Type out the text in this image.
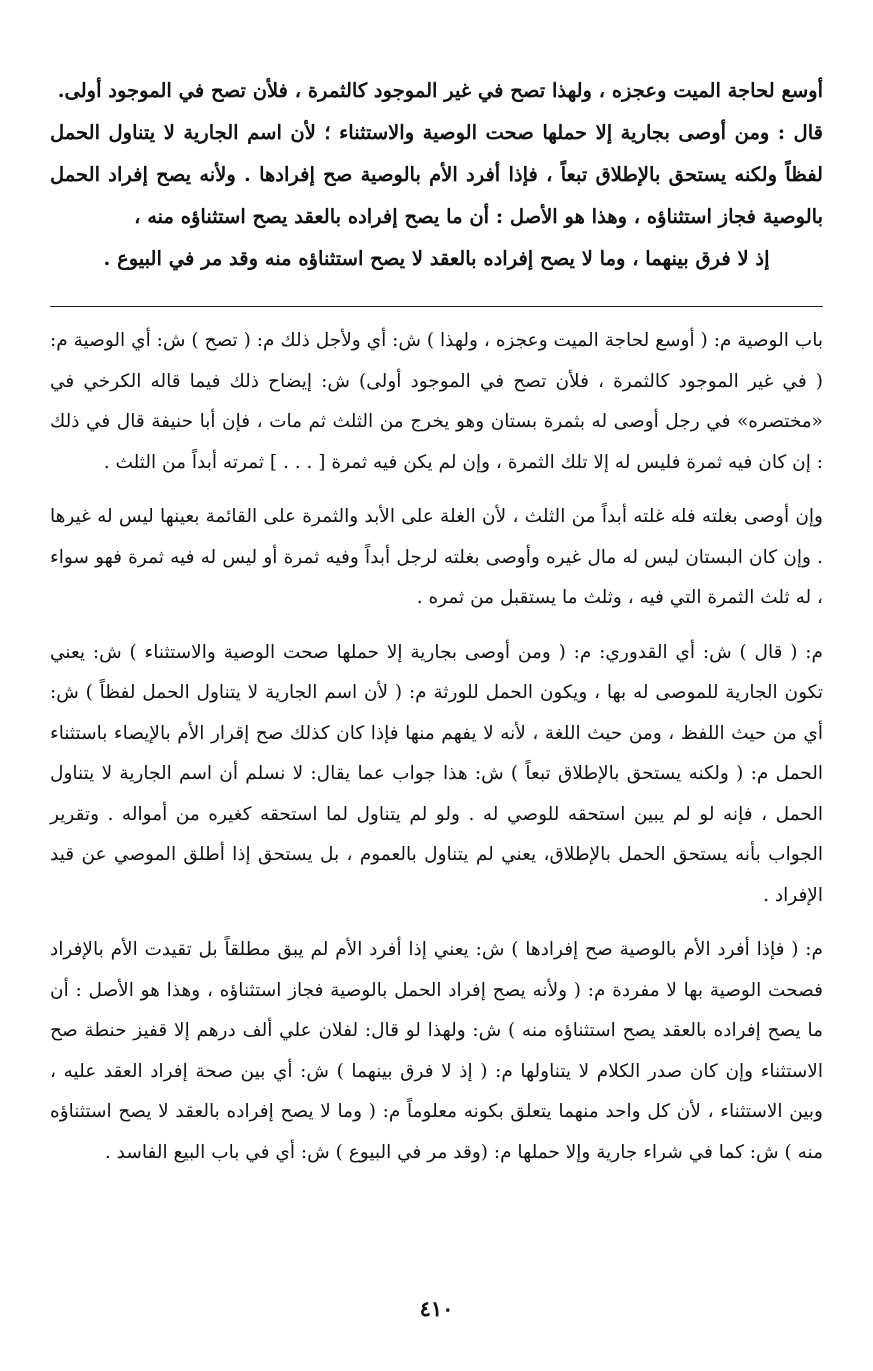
أوسع لحاجة الميت وعجزه ، ولهذا تصح في غير الموجود كالثمرة ، فلأن تصح في الموجود أولى.

قال : ومن أوصى بجارية إلا حملها صحت الوصية والاستثناء ؛ لأن اسم الجارية لا يتناول الحمل لفظاً ولكنه يستحق بالإطلاق تبعاً ، فإذا أفرد الأم بالوصية صح إفرادها . ولأنه يصح إفراد الحمل بالوصية فجاز استثناؤه ، وهذا هو الأصل : أن ما يصح إفراده بالعقد يصح استثناؤه منه ،

إذ لا فرق بينهما ، وما لا يصح إفراده بالعقد لا يصح استثناؤه منه وقد مر في البيوع .

باب الوصية م: ( أوسع لحاجة الميت وعجزه ، ولهذا ) ش: أي ولأجل ذلك م: ( تصح ) ش: أي الوصية م: ( في غير الموجود كالثمرة ، فلأن تصح في الموجود أولى) ش: إيضاح ذلك فيما قاله الكرخي في «مختصره» في رجل أوصى له بثمرة بستان وهو يخرج من الثلث ثم مات ، فإن أبا حنيفة قال في ذلك : إن كان فيه ثمرة فليس له إلا تلك الثمرة ، وإن لم يكن فيه ثمرة [ . . . ] ثمرته أبداً من الثلث .

وإن أوصى بغلته فله غلته أبداً من الثلث ، لأن الغلة على الأبد والثمرة على القائمة بعينها ليس له غيرها . وإن كان البستان ليس له مال غيره وأوصى بغلته لرجل أبداً وفيه ثمرة أو ليس له فيه ثمرة فهو سواء ، له ثلث الثمرة التي فيه ، وثلث ما يستقبل من ثمره .

م: ( قال ) ش: أي القدوري: م: ( ومن أوصى بجارية إلا حملها صحت الوصية والاستثناء ) ش: يعني تكون الجارية للموصى له بها ، ويكون الحمل للورثة م: ( لأن اسم الجارية لا يتناول الحمل لفظاً ) ش: أي من حيث اللفظ ، ومن حيث اللغة ، لأنه لا يفهم منها فإذا كان كذلك صح إقرار الأم بالإيصاء باستثناء الحمل م: ( ولكنه يستحق بالإطلاق تبعاً ) ش: هذا جواب عما يقال: لا نسلم أن اسم الجارية لا يتناول الحمل ، فإنه لو لم يبين استحقه للوصي له . ولو لم يتناول لما استحقه كغيره من أمواله . وتقرير الجواب بأنه يستحق الحمل بالإطلاق، يعني لم يتناول بالعموم ، بل يستحق إذا أطلق الموصي عن قيد الإفراد .

م: ( فإذا أفرد الأم بالوصية صح إفرادها ) ش: يعني إذا أفرد الأم لم يبق مطلقاً بل تقيدت الأم بالإفراد فصحت الوصية بها لا مفردة م: ( ولأنه يصح إفراد الحمل بالوصية فجاز استثناؤه ، وهذا هو الأصل : أن ما يصح إفراده بالعقد يصح استثناؤه منه ) ش: ولهذا لو قال: لفلان علي ألف درهم إلا قفيز حنطة صح الاستثناء وإن كان صدر الكلام لا يتناولها م: ( إذ لا فرق بينهما ) ش: أي بين صحة إفراد العقد عليه ، وبين الاستثناء ، لأن كل واحد منهما يتعلق بكونه معلوماً م: ( وما لا يصح إفراده بالعقد لا يصح استثناؤه منه ) ش: كما في شراء جارية وإلا حملها م: (وقد مر في البيوع ) ش: أي في باب البيع الفاسد .

٤١٠
